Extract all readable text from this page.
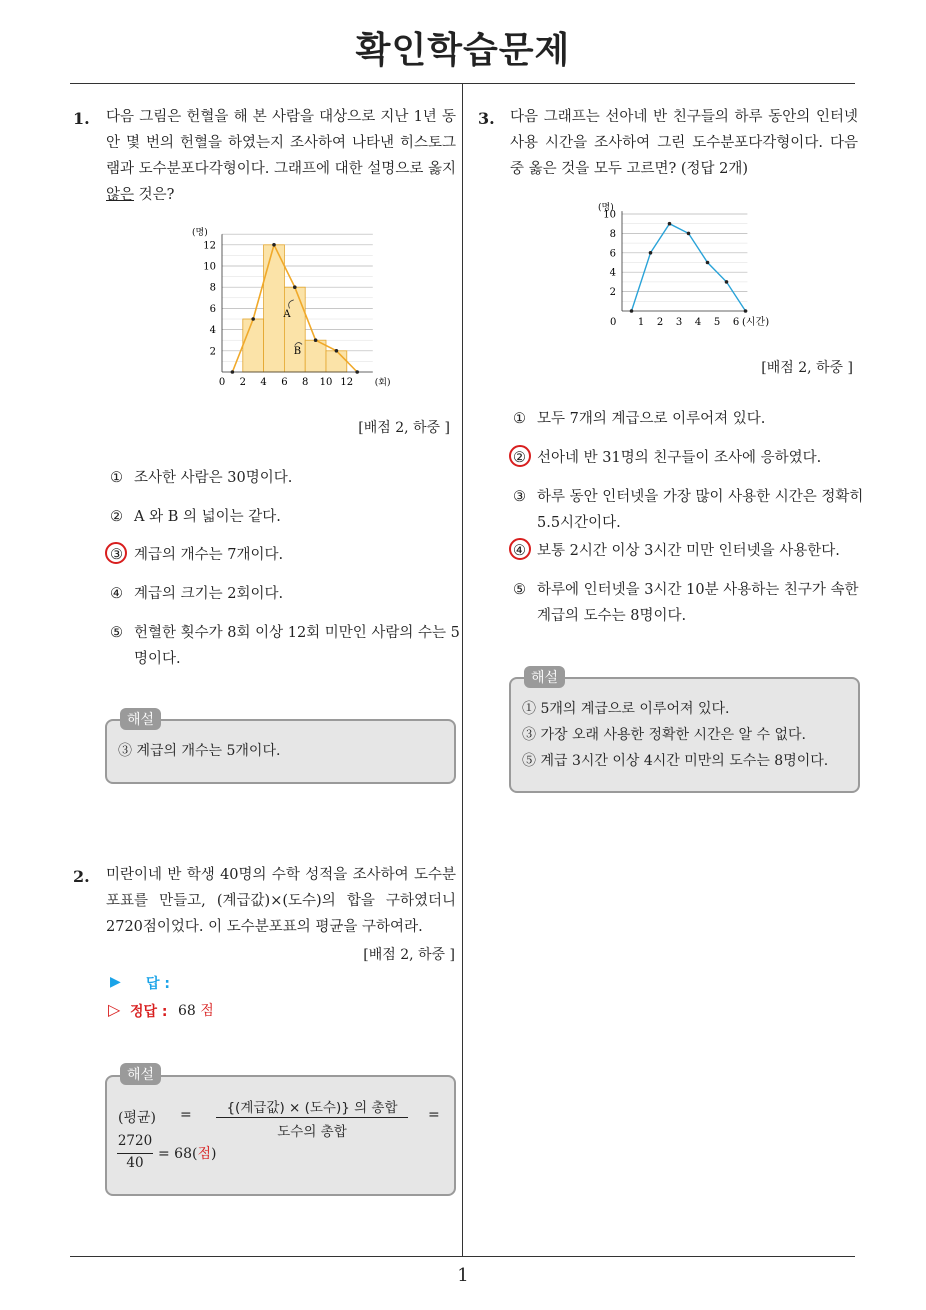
확인학습문제
1
1. 다음 그림은 헌혈을 해 본 사람을 대상으로 지난 1년 동안 몇 번의 헌혈을 하였는지 조사하여 나타낸 히스토그램과 도수분포다각형이다. 그래프에 대한 설명으로 옳지 않은 것은?
A
B
2
4
6
8
10
12
0 2 4 6 8 10 12 (회)
(명)
[배점 2, 하중 ]
① 조사한 사람은 30명이다.
② A 와 B 의 넓이는 같다.
③ 계급의 개수는 7개이다.
④ 계급의 크기는 2회이다.
⑤ 헌혈한 횟수가 8회 이상 12회 미만인 사람의 수는 5명이다.
해설
③ 계급의 개수는 5개이다.
2. 미란이네 반 학생 40명의 수학 성적을 조사하여 도수분포표를 만들고, (계급값)×(도수)의 합을 구하였더니 2720점이었다. 이 도수분포표의 평균을 구하여라.
[배점 2, 하중 ]
▶ 답 :
▷ 정답 : 68 점
해설
(평균) =	{(계급값) × (도수)} 의 총합
도수의 총합
=
2720
40
= 68(점)
3. 다음 그래프는 선아네 반 친구들의 하루 동안의 인터넷 사용 시간을 조사하여 그린 도수분포다각형이다. 다음 중 옳은 것을 모두 고르면? (정답 2개)
2
4
6
8
10
0 1 2 3 4 5 6 (시간)
(명)
[배점 2, 하중 ]
① 모두 7개의 계급으로 이루어져 있다.
② 선아네 반 31명의 친구들이 조사에 응하였다.
③ 하루 동안 인터넷을 가장 많이 사용한 시간은 정확히 5.5시간이다.
④ 보통 2시간 이상 3시간 미만 인터넷을 사용한다.
⑤ 하루에 인터넷을 3시간 10분 사용하는 친구가 속한 계급의 도수는 8명이다.
해설
① 5개의 계급으로 이루어져 있다.
③ 가장 오래 사용한 정확한 시간은 알 수 없다.
⑤ 계급 3시간 이상 4시간 미만의 도수는 8명이다.
